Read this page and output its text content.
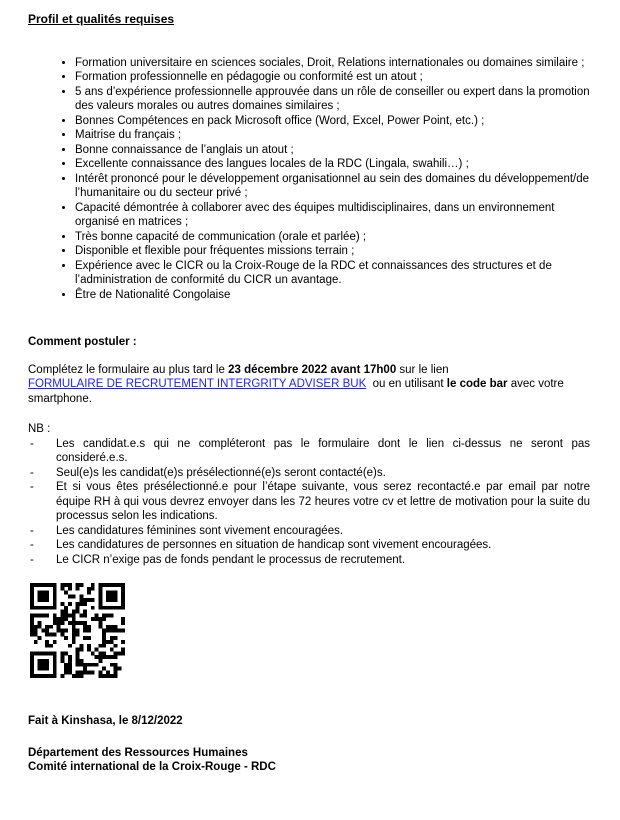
Profil et qualités requises
• Formation universitaire en sciences sociales, Droit, Relations internationales ou domaines similaire ;
• Formation professionnelle en pédagogie ou conformité est un atout ;
• 5 ans d’expérience professionnelle approuvée dans un rôle de conseiller ou expert dans la promotion des valeurs morales ou autres domaines similaires ;
• Bonnes Compétences en pack Microsoft office (Word, Excel, Power Point, etc.) ;
• Maitrise du français ;
• Bonne connaissance de l’anglais un atout ;
• Excellente connaissance des langues locales de la RDC (Lingala, swahili…) ;
• Intérêt prononcé pour le développement organisationnel au sein des domaines du développement/de l’humanitaire ou du secteur privé ;
• Capacité démontrée à collaborer avec des équipes multidisciplinaires, dans un environnement organisé en matrices ;
• Très bonne capacité de communication (orale et parlée) ;
• Disponible et flexible pour fréquentes missions terrain ;
• Expérience avec le CICR ou la Croix-Rouge de la RDC et connaissances des structures et de l’administration de conformité du CICR un avantage.
• Être de Nationalité Congolaise
Comment postuler :
Complétez le formulaire au plus tard le 23 décembre 2022 avant 17h00 sur le lien
FORMULAIRE DE RECRUTEMENT INTERGRITY ADVISER BUK  ou en utilisant le code bar avec votre smartphone.
NB :
- Les candidat.e.s qui ne compléteront pas le formulaire dont le lien ci-dessus ne seront pas consideré.e.s.
- Seul(e)s les candidat(e)s présélectionné(e)s seront contacté(e)s.
- Et si vous êtes présélectionné.e pour l’étape suivante, vous serez recontacté.e par email par notre équipe RH à qui vous devrez envoyer dans les 72 heures votre cv et lettre de motivation pour la suite du processus selon les indications.
- Les candidatures féminines sont vivement encouragées.
- Les candidatures de personnes en situation de handicap sont vivement encouragées.
- Le CICR n’exige pas de fonds pendant le processus de recrutement.
Fait à Kinshasa, le 8/12/2022
Département des Ressources Humaines
Comité international de la Croix-Rouge - RDC
